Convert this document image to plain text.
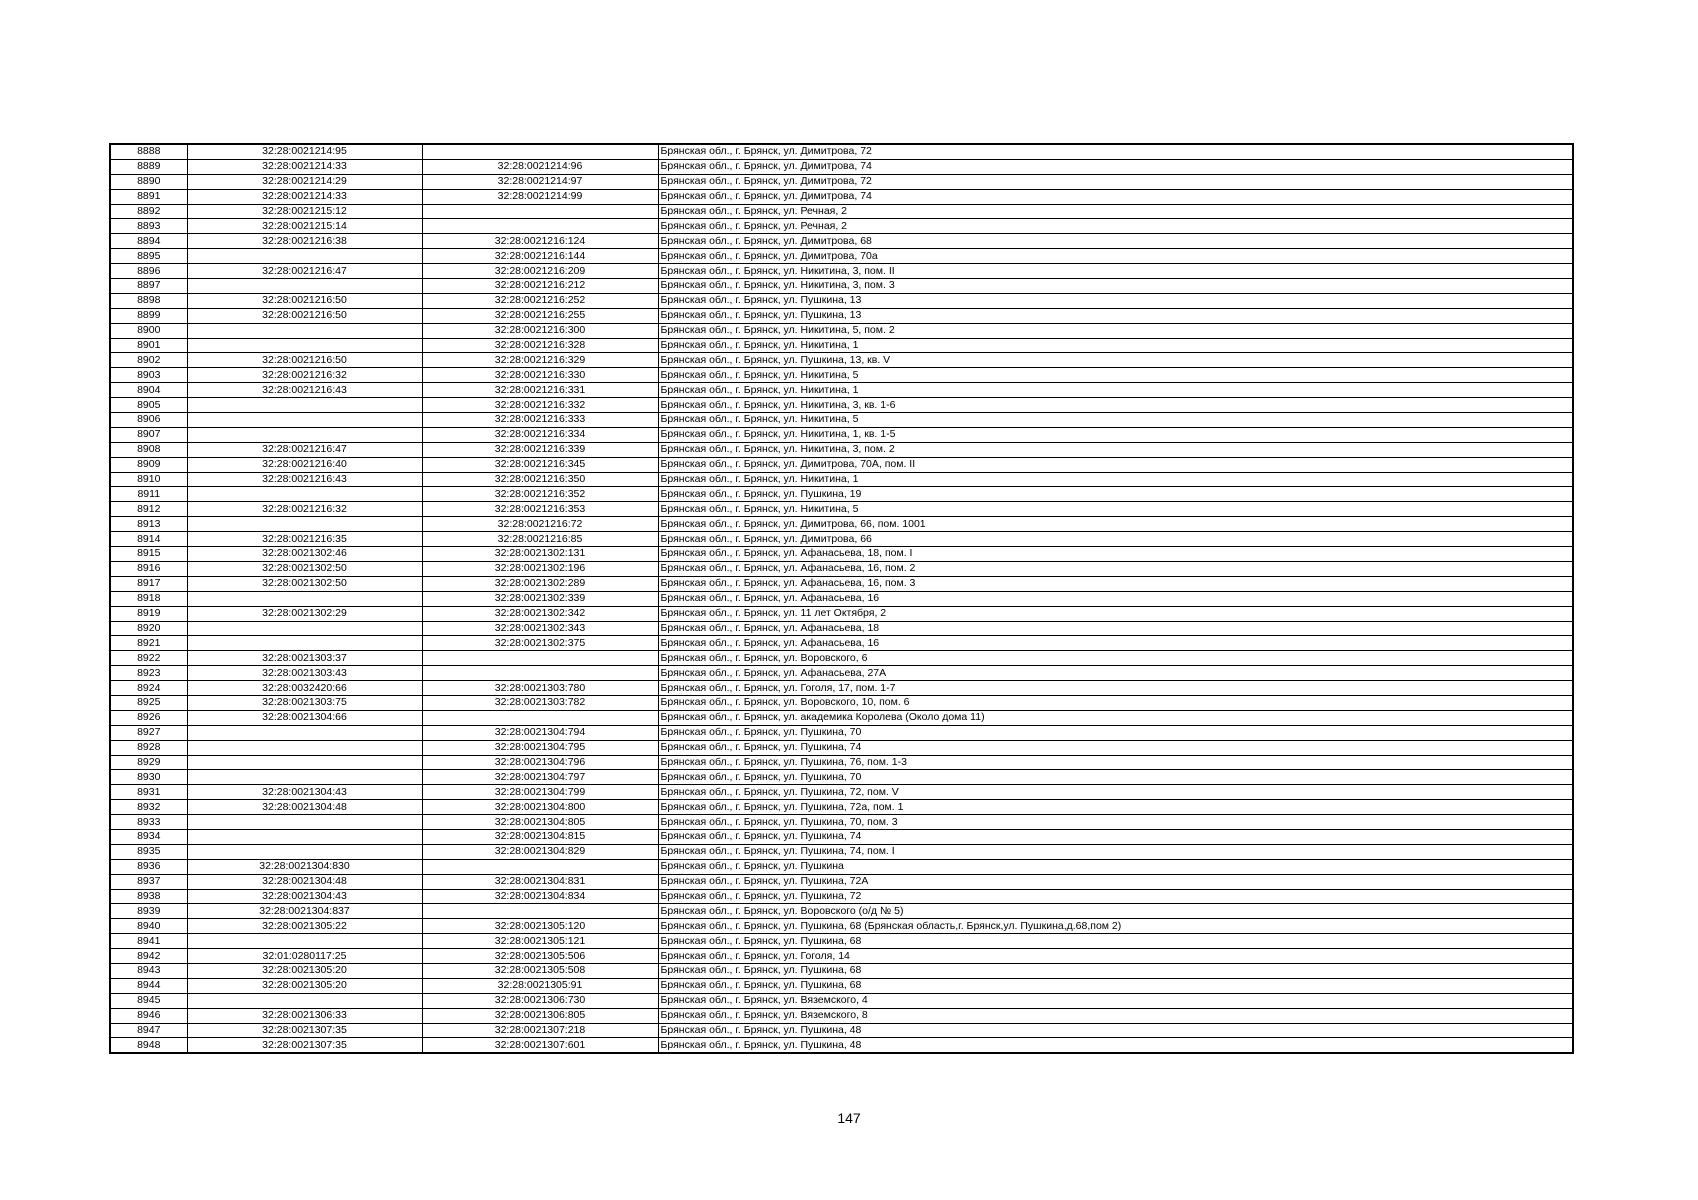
8888	32:28:0021214:95		Брянская обл., г. Брянск, ул. Димитрова, 72
8889	32:28:0021214:33	32:28:0021214:96	Брянская обл., г. Брянск, ул. Димитрова, 74
8890	32:28:0021214:29	32:28:0021214:97	Брянская обл., г. Брянск, ул. Димитрова, 72
8891	32:28:0021214:33	32:28:0021214:99	Брянская обл., г. Брянск, ул. Димитрова, 74
8892	32:28:0021215:12		Брянская обл., г. Брянск, ул. Речная, 2
8893	32:28:0021215:14		Брянская обл., г. Брянск, ул. Речная, 2
8894	32:28:0021216:38	32:28:0021216:124	Брянская обл., г. Брянск, ул. Димитрова, 68
8895		32:28:0021216:144	Брянская обл., г. Брянск, ул. Димитрова, 70а
8896	32:28:0021216:47	32:28:0021216:209	Брянская обл., г. Брянск, ул. Никитина, 3, пом. II
8897		32:28:0021216:212	Брянская обл., г. Брянск, ул. Никитина, 3, пом. 3
8898	32:28:0021216:50	32:28:0021216:252	Брянская обл., г. Брянск, ул. Пушкина, 13
8899	32:28:0021216:50	32:28:0021216:255	Брянская обл., г. Брянск, ул. Пушкина, 13
8900		32:28:0021216:300	Брянская обл., г. Брянск, ул. Никитина, 5, пом. 2
8901		32:28:0021216:328	Брянская обл., г. Брянск, ул. Никитина, 1
8902	32:28:0021216:50	32:28:0021216:329	Брянская обл., г. Брянск, ул. Пушкина, 13, кв. V
8903	32:28:0021216:32	32:28:0021216:330	Брянская обл., г. Брянск, ул. Никитина, 5
8904	32:28:0021216:43	32:28:0021216:331	Брянская обл., г. Брянск, ул. Никитина, 1
8905		32:28:0021216:332	Брянская обл., г. Брянск, ул. Никитина, 3, кв. 1-6
8906		32:28:0021216:333	Брянская обл., г. Брянск, ул. Никитина, 5
8907		32:28:0021216:334	Брянская обл., г. Брянск, ул. Никитина, 1, кв. 1-5
8908	32:28:0021216:47	32:28:0021216:339	Брянская обл., г. Брянск, ул. Никитина, 3, пом. 2
8909	32:28:0021216:40	32:28:0021216:345	Брянская обл., г. Брянск, ул. Димитрова, 70А, пом. II
8910	32:28:0021216:43	32:28:0021216:350	Брянская обл., г. Брянск, ул. Никитина, 1
8911		32:28:0021216:352	Брянская обл., г. Брянск, ул. Пушкина, 19
8912	32:28:0021216:32	32:28:0021216:353	Брянская обл., г. Брянск, ул. Никитина, 5
8913		32:28:0021216:72	Брянская обл., г. Брянск, ул. Димитрова, 66, пом. 1001
8914	32:28:0021216:35	32:28:0021216:85	Брянская обл., г. Брянск, ул. Димитрова, 66
8915	32:28:0021302:46	32:28:0021302:131	Брянская обл., г. Брянск, ул. Афанасьева, 18, пом. I
8916	32:28:0021302:50	32:28:0021302:196	Брянская обл., г. Брянск, ул. Афанасьева, 16, пом. 2
8917	32:28:0021302:50	32:28:0021302:289	Брянская обл., г. Брянск, ул. Афанасьева, 16, пом. 3
8918		32:28:0021302:339	Брянская обл., г. Брянск, ул. Афанасьева, 16
8919	32:28:0021302:29	32:28:0021302:342	Брянская обл., г. Брянск, ул. 11 лет Октября, 2
8920		32:28:0021302:343	Брянская обл., г. Брянск, ул. Афанасьева, 18
8921		32:28:0021302:375	Брянская обл., г. Брянск, ул. Афанасьева, 16
8922	32:28:0021303:37		Брянская обл., г. Брянск, ул. Воровского, 6
8923	32:28:0021303:43		Брянская обл., г. Брянск, ул. Афанасьева, 27А
8924	32:28:0032420:66	32:28:0021303:780	Брянская обл., г. Брянск, ул. Гоголя, 17, пом. 1-7
8925	32:28:0021303:75	32:28:0021303:782	Брянская обл., г. Брянск, ул. Воровского, 10, пом. 6
8926	32:28:0021304:66		Брянская обл., г. Брянск, ул. академика Королева (Около дома 11)
8927		32:28:0021304:794	Брянская обл., г. Брянск, ул. Пушкина, 70
8928		32:28:0021304:795	Брянская обл., г. Брянск, ул. Пушкина, 74
8929		32:28:0021304:796	Брянская обл., г. Брянск, ул. Пушкина, 76, пом. 1-3
8930		32:28:0021304:797	Брянская обл., г. Брянск, ул. Пушкина, 70
8931	32:28:0021304:43	32:28:0021304:799	Брянская обл., г. Брянск, ул. Пушкина, 72, пом. V
8932	32:28:0021304:48	32:28:0021304:800	Брянская обл., г. Брянск, ул. Пушкина, 72а, пом. 1
8933		32:28:0021304:805	Брянская обл., г. Брянск, ул. Пушкина, 70, пом. 3
8934		32:28:0021304:815	Брянская обл., г. Брянск, ул. Пушкина, 74
8935		32:28:0021304:829	Брянская обл., г. Брянск, ул. Пушкина, 74, пом. I
8936	32:28:0021304:830		Брянская обл., г. Брянск, ул. Пушкина
8937	32:28:0021304:48	32:28:0021304:831	Брянская обл., г. Брянск, ул. Пушкина, 72А
8938	32:28:0021304:43	32:28:0021304:834	Брянская обл., г. Брянск, ул. Пушкина, 72
8939	32:28:0021304:837		Брянская обл., г. Брянск, ул. Воровского (о/д № 5)
8940	32:28:0021305:22	32:28:0021305:120	Брянская обл., г. Брянск, ул. Пушкина, 68 (Брянская область,г. Брянск,ул. Пушкина,д.68,пом 2)
8941		32:28:0021305:121	Брянская обл., г. Брянск, ул. Пушкина, 68
8942	32:01:0280117:25	32:28:0021305:506	Брянская обл., г. Брянск, ул. Гоголя, 14
8943	32:28:0021305:20	32:28:0021305:508	Брянская обл., г. Брянск, ул. Пушкина, 68
8944	32:28:0021305:20	32:28:0021305:91	Брянская обл., г. Брянск, ул. Пушкина, 68
8945		32:28:0021306:730	Брянская обл., г. Брянск, ул. Вяземского, 4
8946	32:28:0021306:33	32:28:0021306:805	Брянская обл., г. Брянск, ул. Вяземского, 8
8947	32:28:0021307:35	32:28:0021307:218	Брянская обл., г. Брянск, ул. Пушкина, 48
8948	32:28:0021307:35	32:28:0021307:601	Брянская обл., г. Брянск, ул. Пушкина, 48
147
